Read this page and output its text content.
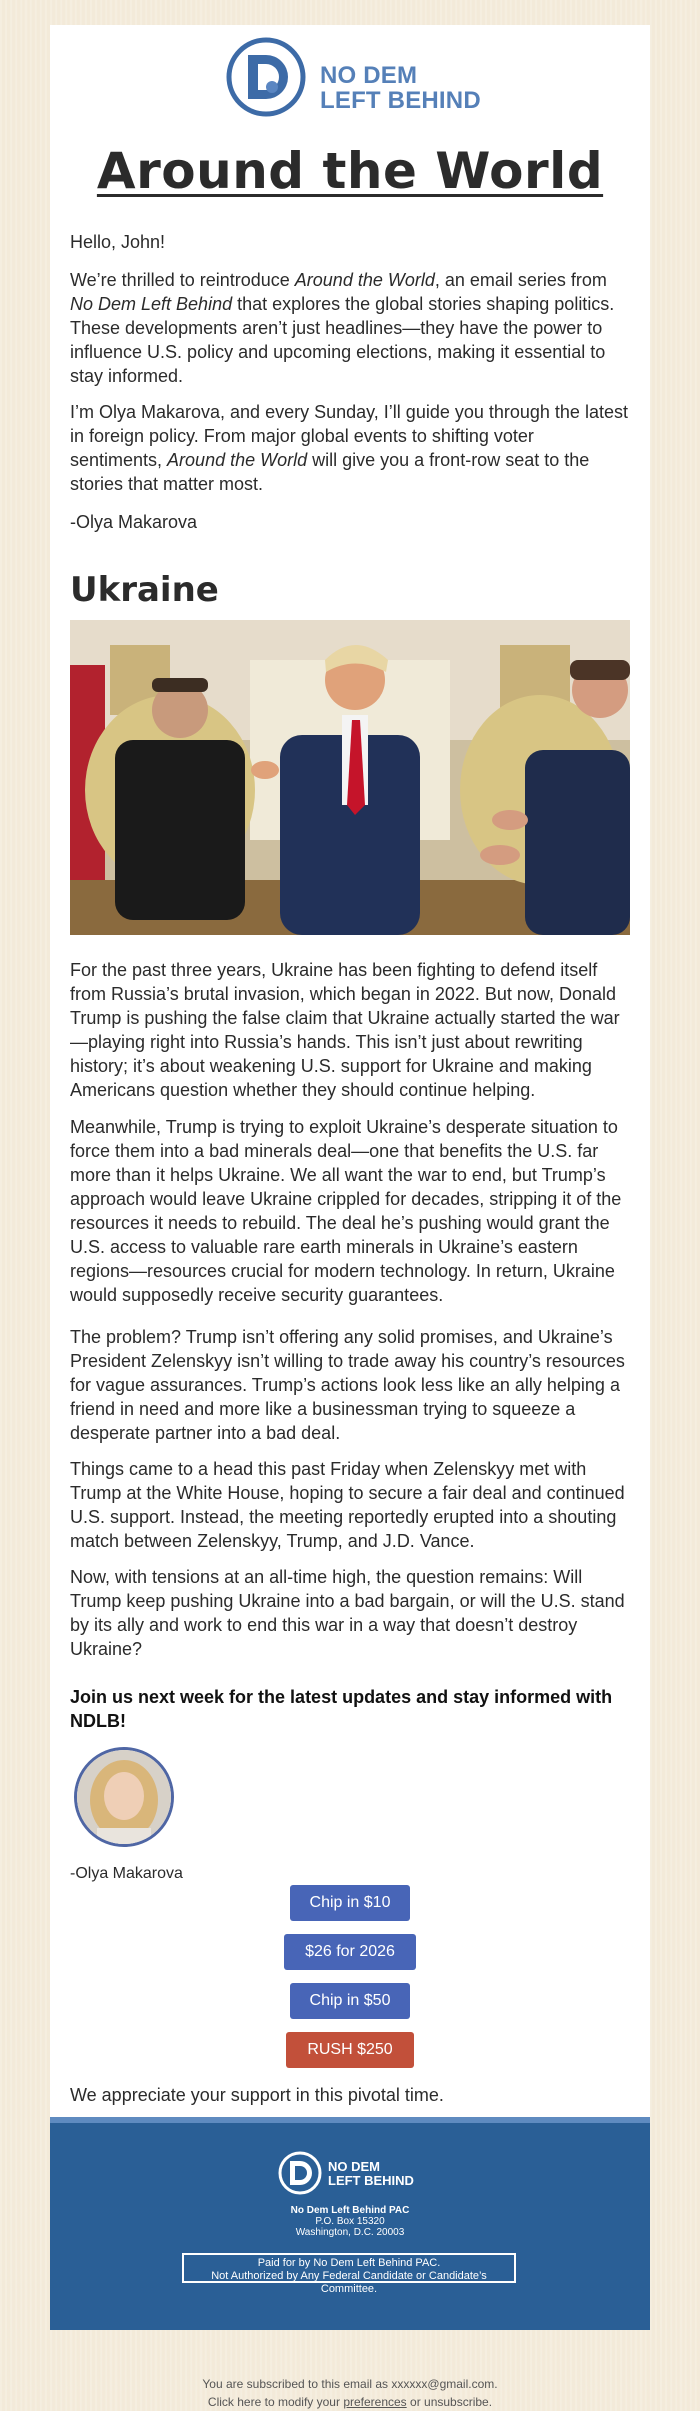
NO DEM
LEFT BEHIND
Around the World

Hello, John!

We’re thrilled to reintroduce Around the World, an email series from No Dem Left Behind that explores the global stories shaping politics. These developments aren’t just headlines—they have the power to influence U.S. policy and upcoming elections, making it essential to stay informed.

I’m Olya Makarova, and every Sunday, I’ll guide you through the latest in foreign policy. From major global events to shifting voter sentiments, Around the World will give you a front-row seat to the stories that matter most.

-Olya Makarova

Ukraine

For the past three years, Ukraine has been fighting to defend itself from Russia’s brutal invasion, which began in 2022. But now, Donald Trump is pushing the false claim that Ukraine actually started the war—playing right into Russia’s hands. This isn’t just about rewriting history; it’s about weakening U.S. support for Ukraine and making Americans question whether they should continue helping.

Meanwhile, Trump is trying to exploit Ukraine’s desperate situation to force them into a bad minerals deal—one that benefits the U.S. far more than it helps Ukraine. We all want the war to end, but Trump’s approach would leave Ukraine crippled for decades, stripping it of the resources it needs to rebuild. The deal he’s pushing would grant the U.S. access to valuable rare earth minerals in Ukraine’s eastern regions—resources crucial for modern technology. In return, Ukraine would supposedly receive security guarantees.

The problem? Trump isn’t offering any solid promises, and Ukraine’s President Zelenskyy isn’t willing to trade away his country’s resources for vague assurances. Trump’s actions look less like an ally helping a friend in need and more like a businessman trying to squeeze a desperate partner into a bad deal.

Things came to a head this past Friday when Zelenskyy met with Trump at the White House, hoping to secure a fair deal and continued U.S. support. Instead, the meeting reportedly erupted into a shouting match between Zelenskyy, Trump, and J.D. Vance.

Now, with tensions at an all-time high, the question remains: Will Trump keep pushing Ukraine into a bad bargain, or will the U.S. stand by its ally and work to end this war in a way that doesn’t destroy Ukraine?

Join us next week for the latest updates and stay informed with NDLB!

-Olya Makarova
Chip in $10
$26 for 2026
Chip in $50
RUSH $250
We appreciate your support in this pivotal time.
NO DEM
LEFT BEHIND
No Dem Left Behind PAC
P.O. Box 15320
Washington, D.C. 20003
Paid for by No Dem Left Behind PAC.
Not Authorized by Any Federal Candidate or Candidate’s Committee.
You are subscribed to this email as xxxxxx@gmail.com.
Click here to modify your preferences or unsubscribe.
